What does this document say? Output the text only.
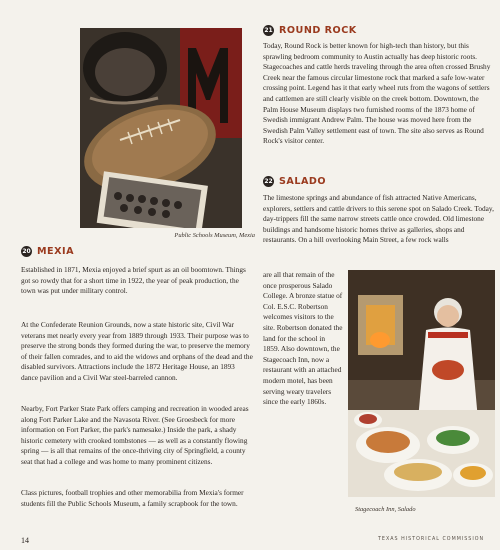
Public Schools Museum, Mexia
Stagecoach Inn, Salado
21 ROUND ROCK

Today, Round Rock is better known for high-tech than history, but this sprawling bedroom community to Austin actually has deep historic roots. Stagecoaches and cattle herds traveling through the area often crossed Brushy Creek near the famous circular limestone rock that marked a safe low-water crossing point. Legend has it that early wheel ruts from the wagons of settlers and cattlemen are still clearly visible on the creek bottom. Downtown, the Palm House Museum displays two furnished rooms of the 1873 home of Swedish immigrant Andrew Palm. The house was moved here from the Swedish Palm Valley settlement east of town. The site also serves as Round Rock's visitor center.

22 SALADO

The limestone springs and abundance of fish attracted Native Americans, explorers, settlers and cattle drivers to this serene spot on Salado Creek. Today, day-trippers fill the same narrow streets cattle once crowded. Old limestone buildings and handsome historic homes thrive as galleries, shops and restaurants. On a hill overlooking Main Street, a few rock walls

are all that remain of the once prosperous Salado College. A bronze statue of Col. E.S.C. Robertson welcomes visitors to the site. Robertson donated the land for the school in 1859. Also downtown, the Stagecoach Inn, now a restaurant with an attached modern motel, has been serving weary travelers since the early 1860s.

20 MEXIA

Established in 1871, Mexia enjoyed a brief spurt as an oil boomtown. Things got so rowdy that for a short time in 1922, the year of peak production, the town was put under military control.

At the Confederate Reunion Grounds, now a state historic site, Civil War veterans met nearly every year from 1889 through 1933. Their purpose was to preserve the strong bonds they formed during the war, to preserve the memory of their fallen comrades, and to aid the widows and orphans of the dead and the disabled survivors. Attractions include the 1872 Heritage House, an 1893 dance pavilion and a Civil War steel-barreled cannon.

Nearby, Fort Parker State Park offers camping and recreation in wooded areas along Fort Parker Lake and the Navasota River. (See Groesbeck for more information on Fort Parker, the park's namesake.) Inside the park, a shady historic cemetery with crooked tombstones — as well as a constantly flowing spring — is all that remains of the once-thriving city of Springfield, a county seat that had a college and was home to many prominent citizens.

Class pictures, football trophies and other memorabilia from Mexia's former students fill the Public Schools Museum, a family scrapbook for the town.

14	TEXAS HISTORICAL COMMISSION
